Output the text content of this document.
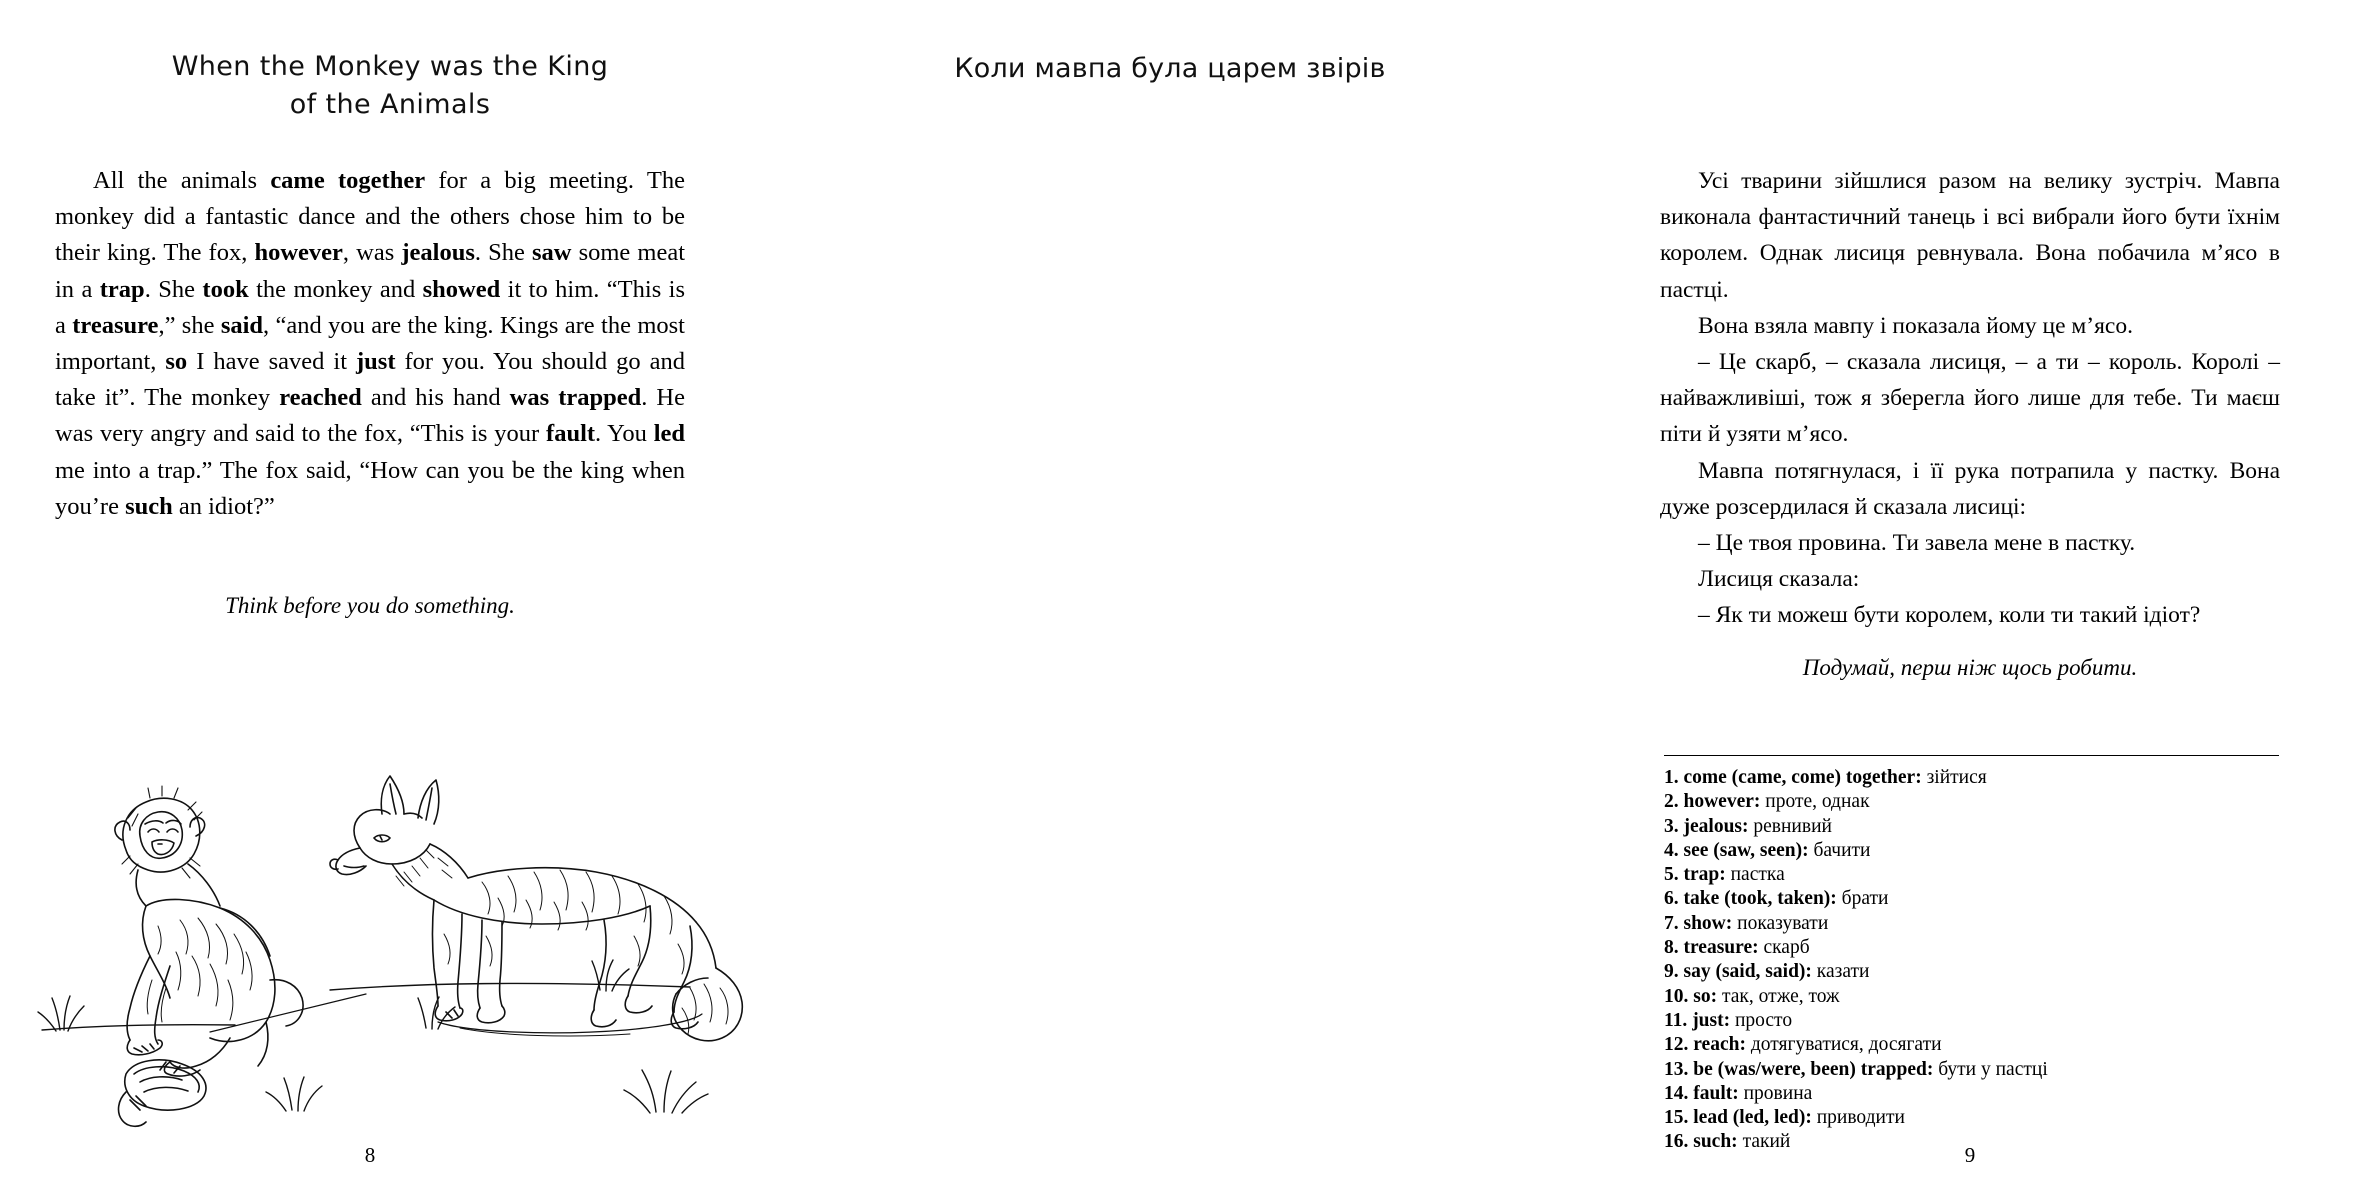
When the Monkey was the King
of the Animals

All the animals came together for a big meeting. The monkey did a fantastic dance and the others chose him to be their king. The fox, however, was jealous. She saw some meat in a trap. She took the monkey and showed it to him. “This is a treasure,” she said, “and you are the king. Kings are the most important, so I have saved it just for you. You should go and take it”. The monkey reached and his hand was trapped. He was very angry and said to the fox, “This is your fault. You led me into a trap.” The fox said, “How can you be the king when you’re such an idiot?”

Think before you do something.
8
Коли мавпа була царем звірів

Усі тварини зійшлися разом на велику зустріч. Мавпа виконала фантастичний танець і всі вибрали його бути їхнім королем. Однак лисиця ревнувала. Вона побачила м’ясо в пастці.

Вона взяла мавпу і показала йому це м’ясо.

– Це скарб, – сказала лисиця, – а ти – король. Королі – найважливіші, тож я зберегла його лише для тебе. Ти маєш піти й узяти м’ясо.

Мавпа потягнулася, і її рука потрапила у пастку. Вона дуже розсердилася й сказала лисиці:

– Це твоя провина. Ти завела мене в пастку.

Лисиця сказала:

– Як ти можеш бути королем, коли ти такий ідіот?

Подумай, перш ніж щось робити.
1. come (came, come) together: зійтися
2. however: проте, однак
3. jealous: ревнивий
4. see (saw, seen): бачити
5. trap: пастка
6. take (took, taken): брати
7. show: показувати
8. treasure: скарб
9. say (said, said): казати
10. so: так, отже, тож
11. just: просто
12. reach: дотягуватися, досягати
13. be (was/were, been) trapped: бути у пастці
14. fault: провина
15. lead (led, led): приводити
16. such: такий
9
